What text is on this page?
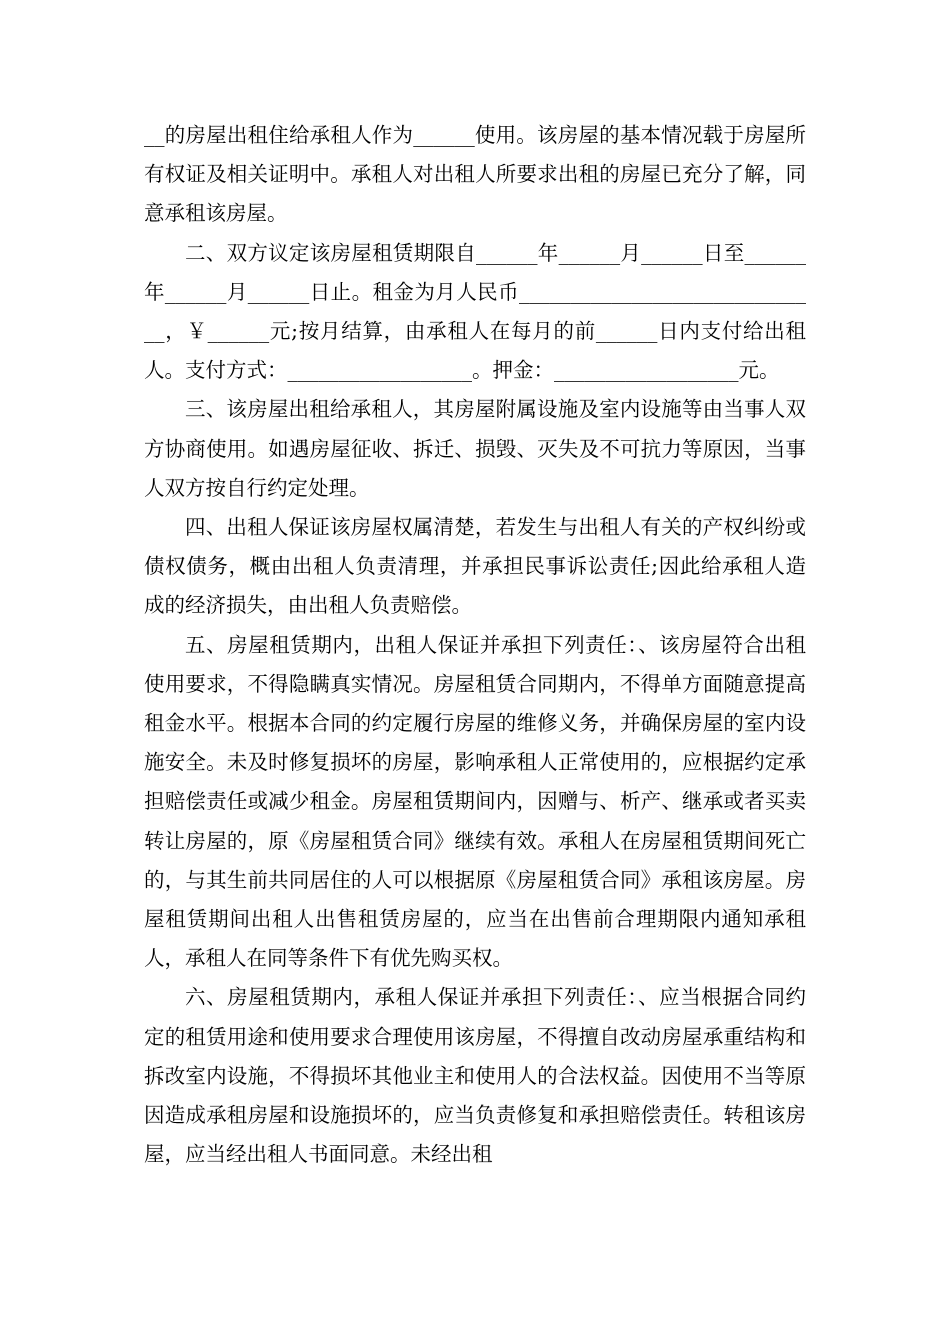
__的房屋出租住给承租人作为______使用。该房屋的基本情况载于房屋所有权证及相关证明中。承租人对出租人所要求出租的房屋已充分了解，同意承租该房屋。

二、双方议定该房屋租赁期限自______年______月______日至______年______月______日止。租金为月人民币______________________________，￥______元;按月结算，由承租人在每月的前______日内支付给出租人。支付方式：__________________。押金：__________________元。

三、该房屋出租给承租人，其房屋附属设施及室内设施等由当事人双方协商使用。如遇房屋征收、拆迁、损毁、灭失及不可抗力等原因，当事人双方按自行约定处理。

四、出租人保证该房屋权属清楚，若发生与出租人有关的产权纠纷或债权债务，概由出租人负责清理，并承担民事诉讼责任;因此给承租人造成的经济损失，由出租人负责赔偿。

五、房屋租赁期内，出租人保证并承担下列责任：、该房屋符合出租使用要求，不得隐瞒真实情况。房屋租赁合同期内，不得单方面随意提高租金水平。根据本合同的约定履行房屋的维修义务，并确保房屋的室内设施安全。未及时修复损坏的房屋，影响承租人正常使用的，应根据约定承担赔偿责任或减少租金。房屋租赁期间内，因赠与、析产、继承或者买卖转让房屋的，原《房屋租赁合同》继续有效。承租人在房屋租赁期间死亡的，与其生前共同居住的人可以根据原《房屋租赁合同》承租该房屋。房屋租赁期间出租人出售租赁房屋的，应当在出售前合理期限内通知承租人，承租人在同等条件下有优先购买权。

六、房屋租赁期内，承租人保证并承担下列责任：、应当根据合同约定的租赁用途和使用要求合理使用该房屋，不得擅自改动房屋承重结构和拆改室内设施，不得损坏其他业主和使用人的合法权益。因使用不当等原因造成承租房屋和设施损坏的，应当负责修复和承担赔偿责任。转租该房屋，应当经出租人书面同意。未经出租
